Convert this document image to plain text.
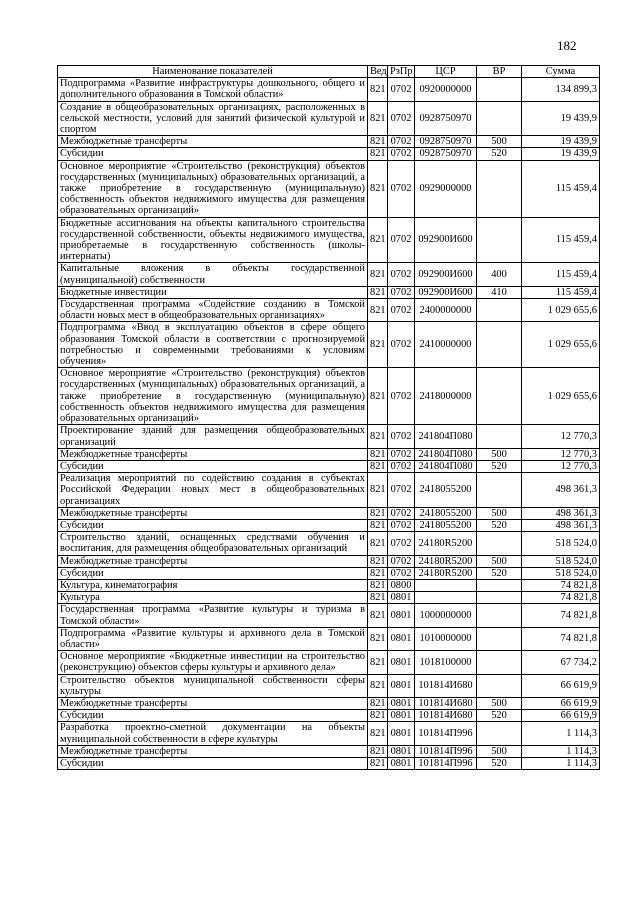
182
Наименование показателей	Вед	РзПр	ЦСР	ВР	Сумма
Подпрограмма «Развитие инфраструктуры дошкольного, общего и дополнительного образования в Томской области»	821	0702	0920000000		134 899,3
Создание в общеобразовательных организациях, расположенных в сельской местности, условий для занятий физической культурой и спортом	821	0702	0928750970		19 439,9
Межбюджетные трансферты	821	0702	0928750970	500	19 439,9
Субсидии	821	0702	0928750970	520	19 439,9
Основное мероприятие «Строительство (реконструкция) объектов государственных (муниципальных) образовательных организаций, а также приобретение в государственную (муниципальную) собственность объектов недвижимого имущества для размещения образовательных организаций»	821	0702	0929000000		115 459,4
Бюджетные ассигнования на объекты капитального строительства государственной собственности, объекты недвижимого имущества, приобретаемые в государственную собственность (школы-интернаты)	821	0702	092900И600		115 459,4
Капитальные вложения в объекты государственной (муниципальной) собственности	821	0702	092900И600	400	115 459,4
Бюджетные инвестиции	821	0702	092900И600	410	115 459,4
Государственная программа «Содействие созданию в Томской области новых мест в общеобразовательных организациях»	821	0702	2400000000		1 029 655,6
Подпрограмма «Ввод в эксплуатацию объектов в сфере общего образования Томской области в соответствии с прогнозируемой потребностью и современными требованиями к условиям обучения»	821	0702	2410000000		1 029 655,6
Основное мероприятие «Строительство (реконструкция) объектов государственных (муниципальных) образовательных организаций, а также приобретение в государственную (муниципальную) собственность объектов недвижимого имущества для размещения образовательных организаций»	821	0702	2418000000		1 029 655,6
Проектирование зданий для размещения общеобразовательных организаций	821	0702	241804П080		12 770,3
Межбюджетные трансферты	821	0702	241804П080	500	12 770,3
Субсидии	821	0702	241804П080	520	12 770,3
Реализация мероприятий по содействию создания в субъектах Российской Федерации новых мест в общеобразовательных организациях	821	0702	2418055200		498 361,3
Межбюджетные трансферты	821	0702	2418055200	500	498 361,3
Субсидии	821	0702	2418055200	520	498 361,3
Строительство зданий, оснащенных средствами обучения и воспитания, для размещения общеобразовательных организаций	821	0702	24180R5200		518 524,0
Межбюджетные трансферты	821	0702	24180R5200	500	518 524,0
Субсидии	821	0702	24180R5200	520	518 524,0
Культура, кинематография	821	0800			74 821,8
Культура	821	0801			74 821,8
Государственная программа «Развитие культуры и туризма в Томской области»	821	0801	1000000000		74 821,8
Подпрограмма «Развитие культуры и архивного дела в Томской области»	821	0801	1010000000		74 821,8
Основное мероприятие «Бюджетные инвестиции на строительство (реконструкцию) объектов сферы культуры и архивного дела»	821	0801	1018100000		67 734,2
Строительство объектов муниципальной собственности сферы культуры	821	0801	101814И680		66 619,9
Межбюджетные трансферты	821	0801	101814И680	500	66 619,9
Субсидии	821	0801	101814И680	520	66 619,9
Разработка проектно-сметной документации на объекты муниципальной собственности в сфере культуры	821	0801	101814П996		1 114,3
Межбюджетные трансферты	821	0801	101814П996	500	1 114,3
Субсидии	821	0801	101814П996	520	1 114,3
